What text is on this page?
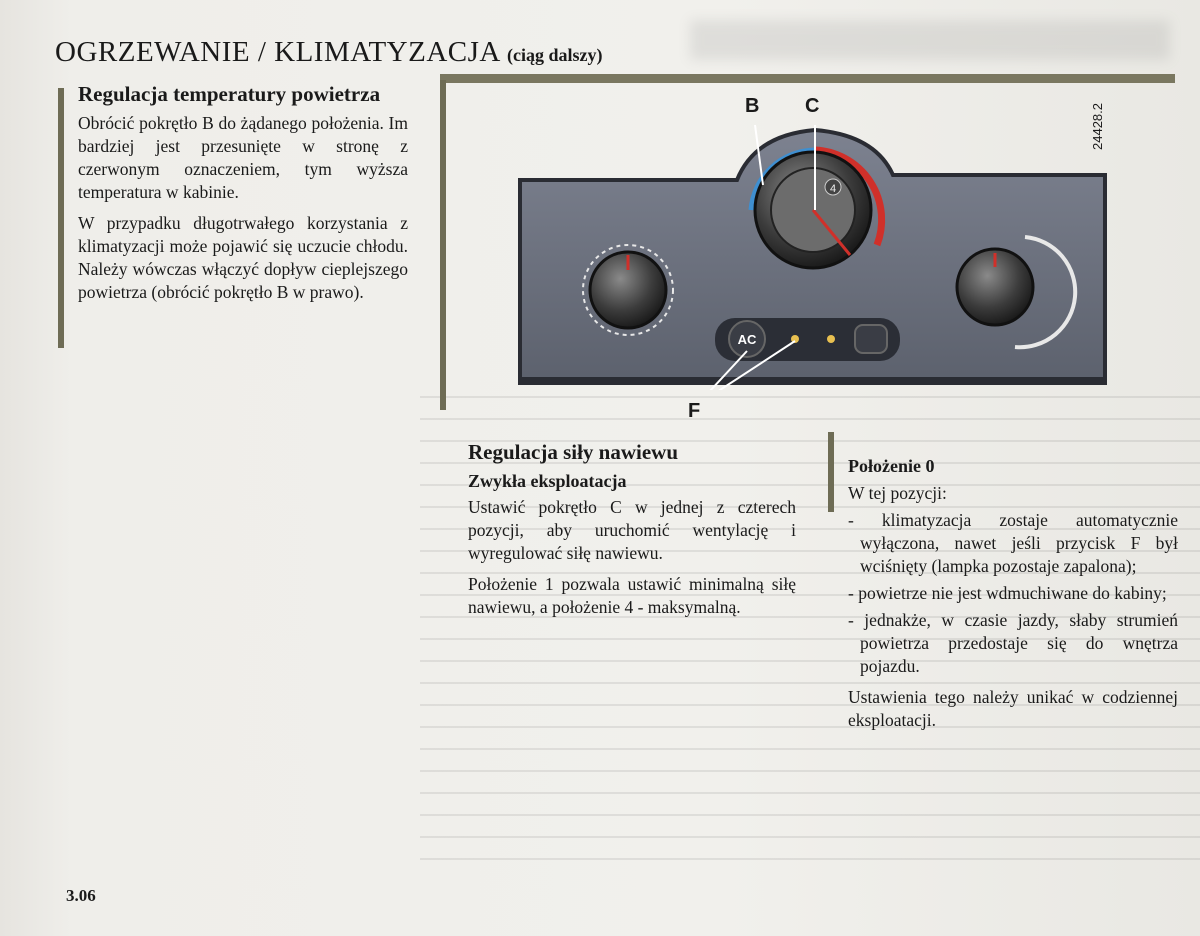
OGRZEWANIE / KLIMATYZACJA (ciąg dalszy)
Regulacja temperatury powietrza

Obrócić pokrętło B do żądanego położenia. Im bardziej jest przesunięte w stronę z czerwonym oznaczeniem, tym wyższa temperatura w kabinie.

W przypadku długotrwałego korzystania z klimatyzacji może pojawić się uczucie chłodu. Należy wówczas włączyć dopływ cieplejszego powietrza (obrócić pokrętło B w prawo).

B C
F
24428.2
4
AC
Regulacja siły nawiewu
Zwykła eksploatacja

Ustawić pokrętło C w jednej z czterech pozycji, aby uruchomić wentylację i wyregulować siłę nawiewu.

Położenie 1 pozwala ustawić minimalną siłę nawiewu, a położenie 4 - maksymalną.

Położenie 0

W tej pozycji:

- klimatyzacja zostaje automatycznie wyłączona, nawet jeśli przycisk F był wciśnięty (lampka pozostaje zapalona);
- powietrze nie jest wdmuchiwane do kabiny;
- jednakże, w czasie jazdy, słaby strumień powietrza przedostaje się do wnętrza pojazdu.

Ustawienia tego należy unikać w codziennej eksploatacji.

3.06
